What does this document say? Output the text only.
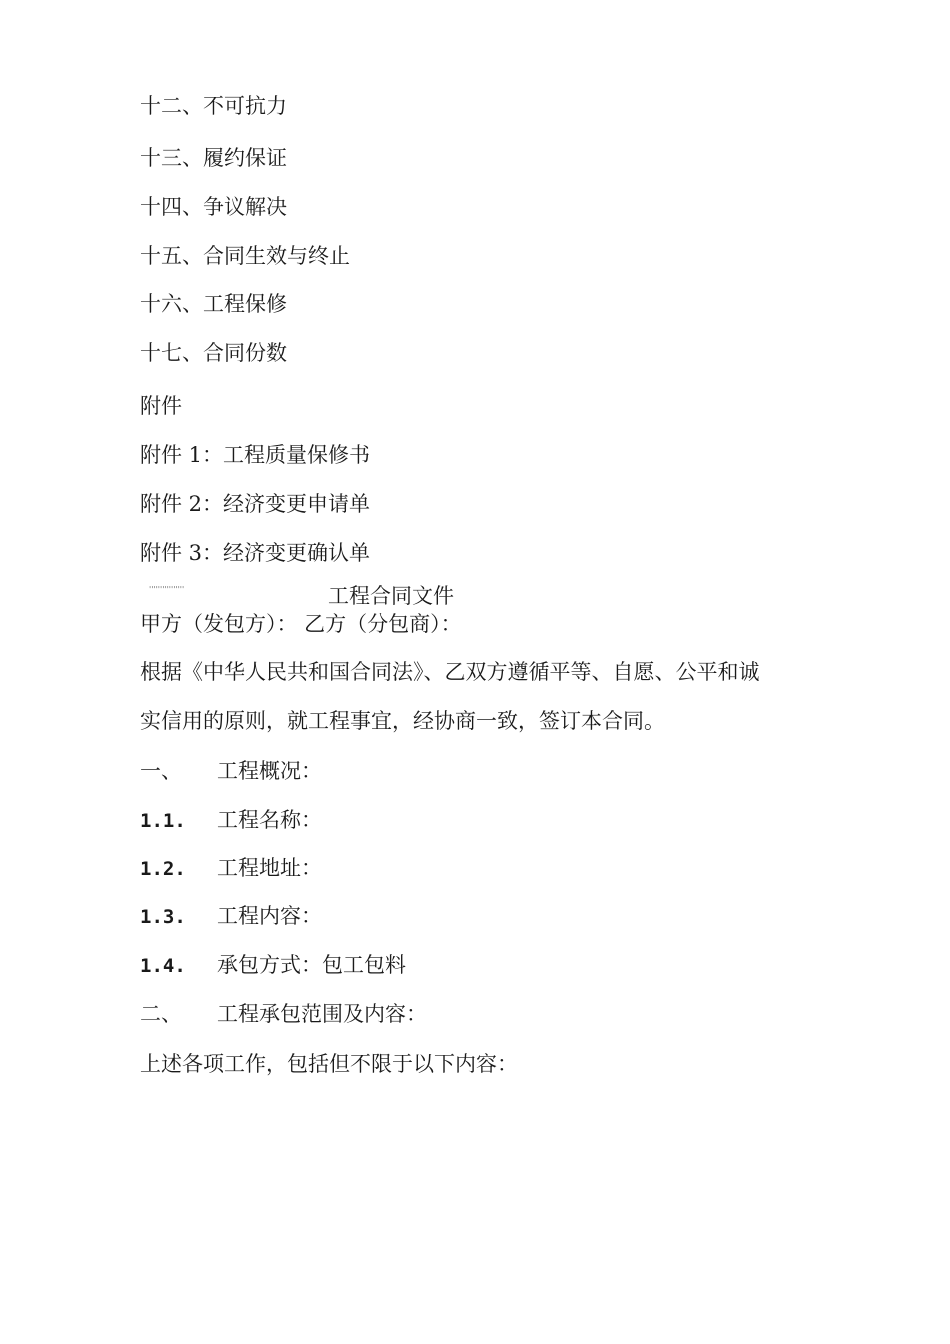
十二、不可抗力
十三、履约保证
十四、争议解决
十五、合同生效与终止
十六、工程保修
十七、合同份数
附件
附件 1：工程质量保修书
附件 2：经济变更申请单
附件 3：经济变更确认单
''''''''''''''''	工程合同文件
甲方（发包方）： 乙方（分包商）：
根据《中华人民共和国合同法》、乙双方遵循平等、自愿、公平和诚
实信用的原则，就工程事宜，经协商一致，签订本合同。
一、 工程概况：
1.1. 工程名称：
1.2. 工程地址：
1.3. 工程内容：
1.4. 承包方式：包工包料
二、 工程承包范围及内容：
上述各项工作，包括但不限于以下内容：
